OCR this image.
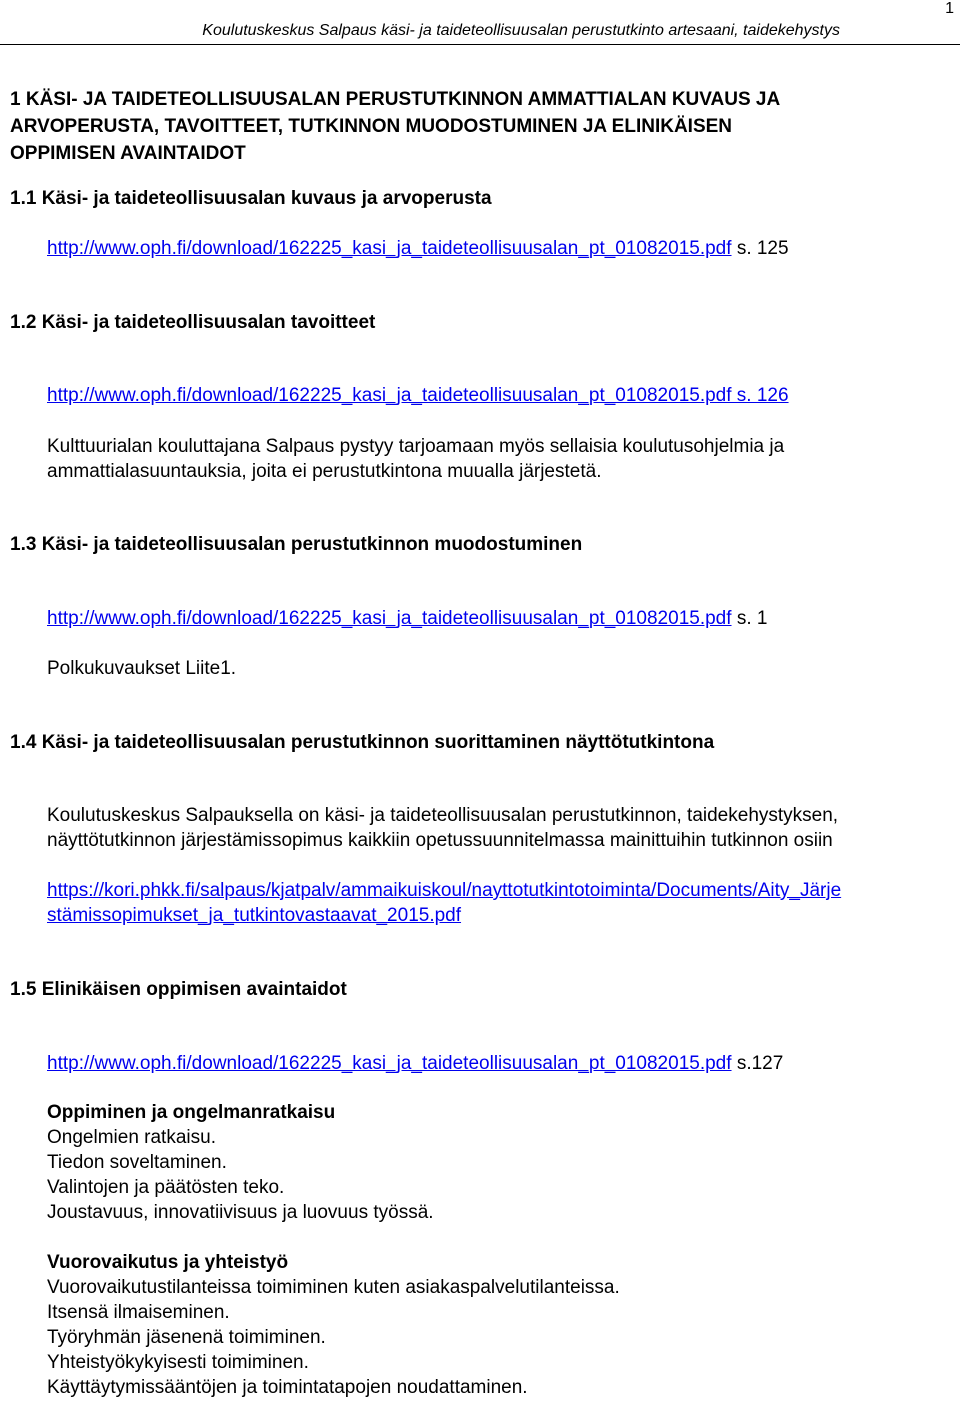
1
Koulutuskeskus Salpaus käsi- ja taideteollisuusalan perustutkinto artesaani, taidekehystys
1 KÄSI- JA TAIDETEOLLISUUSALAN PERUSTUTKINNON AMMATTIALAN KUVAUS JA
ARVOPERUSTA, TAVOITTEET, TUTKINNON MUODOSTUMINEN JA ELINIKÄISEN
OPPIMISEN AVAINTAIDOT
1.1 Käsi- ja taideteollisuusalan kuvaus ja arvoperusta
http://www.oph.fi/download/162225_kasi_ja_taideteollisuusalan_pt_01082015.pdf s. 125
1.2 Käsi- ja taideteollisuusalan tavoitteet
http://www.oph.fi/download/162225_kasi_ja_taideteollisuusalan_pt_01082015.pdf s. 126
Kulttuurialan kouluttajana Salpaus pystyy tarjoamaan myös sellaisia koulutusohjelmia ja
ammattialasuuntauksia, joita ei perustutkintona muualla järjestetä.
1.3 Käsi- ja taideteollisuusalan perustutkinnon muodostuminen
http://www.oph.fi/download/162225_kasi_ja_taideteollisuusalan_pt_01082015.pdf s. 1
Polkukuvaukset Liite1.
1.4 Käsi- ja taideteollisuusalan perustutkinnon suorittaminen näyttötutkintona
Koulutuskeskus Salpauksella on käsi- ja taideteollisuusalan perustutkinnon, taidekehystyksen,
näyttötutkinnon järjestämissopimus kaikkiin opetussuunnitelmassa mainittuihin tutkinnon osiin
https://kori.phkk.fi/salpaus/kjatpalv/ammaikuiskoul/nayttotutkintotoiminta/Documents/Aity_Järje
stämissopimukset_ja_tutkintovastaavat_2015.pdf
1.5 Elinikäisen oppimisen avaintaidot
http://www.oph.fi/download/162225_kasi_ja_taideteollisuusalan_pt_01082015.pdf s.127
Oppiminen ja ongelmanratkaisu
Ongelmien ratkaisu.
Tiedon soveltaminen.
Valintojen ja päätösten teko.
Joustavuus, innovatiivisuus ja luovuus työssä.
Vuorovaikutus ja yhteistyö
Vuorovaikutustilanteissa toimiminen kuten asiakaspalvelutilanteissa.
Itsensä ilmaiseminen.
Työryhmän jäsenenä toimiminen.
Yhteistyökykyisesti toimiminen.
Käyttäytymissääntöjen ja toimintatapojen noudattaminen.
